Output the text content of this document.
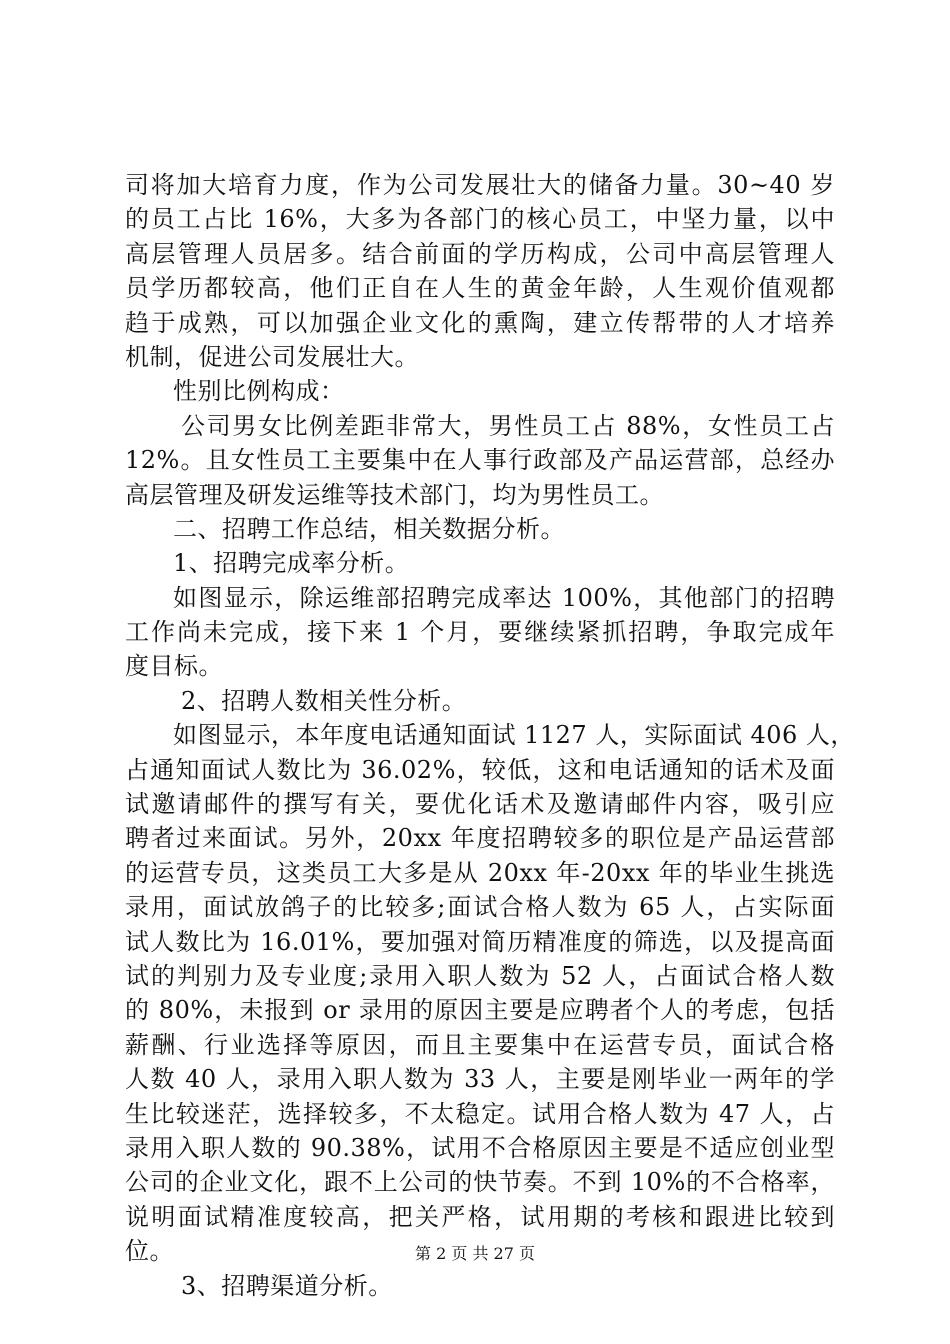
司将加大培育力度，作为公司发展壮大的储备力量。30~40 岁
的员工占比 16%，大多为各部门的核心员工，中坚力量，以中
高层管理人员居多。结合前面的学历构成，公司中高层管理人
员学历都较高，他们正自在人生的黄金年龄，人生观价值观都
趋于成熟，可以加强企业文化的熏陶，建立传帮带的人才培养
机制，促进公司发展壮大。
性别比例构成：
公司男女比例差距非常大，男性员工占 88%，女性员工占
12%。且女性员工主要集中在人事行政部及产品运营部，总经办
高层管理及研发运维等技术部门，均为男性员工。
二、招聘工作总结，相关数据分析。
1、招聘完成率分析。
如图显示，除运维部招聘完成率达 100%，其他部门的招聘
工作尚未完成，接下来 1 个月，要继续紧抓招聘，争取完成年
度目标。
2、招聘人数相关性分析。
如图显示，本年度电话通知面试 1127 人，实际面试 406 人，
占通知面试人数比为 36.02%，较低，这和电话通知的话术及面
试邀请邮件的撰写有关，要优化话术及邀请邮件内容，吸引应
聘者过来面试。另外，20xx 年度招聘较多的职位是产品运营部
的运营专员，这类员工大多是从 20xx 年-20xx 年的毕业生挑选
录用，面试放鸽子的比较多;面试合格人数为 65 人，占实际面
试人数比为 16.01%，要加强对简历精准度的筛选，以及提高面
试的判别力及专业度;录用入职人数为 52 人，占面试合格人数
的 80%，未报到 or 录用的原因主要是应聘者个人的考虑，包括
薪酬、行业选择等原因，而且主要集中在运营专员，面试合格
人数 40 人，录用入职人数为 33 人，主要是刚毕业一两年的学
生比较迷茫，选择较多，不太稳定。试用合格人数为 47 人，占
录用入职人数的 90.38%，试用不合格原因主要是不适应创业型
公司的企业文化，跟不上公司的快节奏。不到 10%的不合格率，
说明面试精准度较高，把关严格，试用期的考核和跟进比较到
位。
3、招聘渠道分析。
第 2 页 共 27 页
